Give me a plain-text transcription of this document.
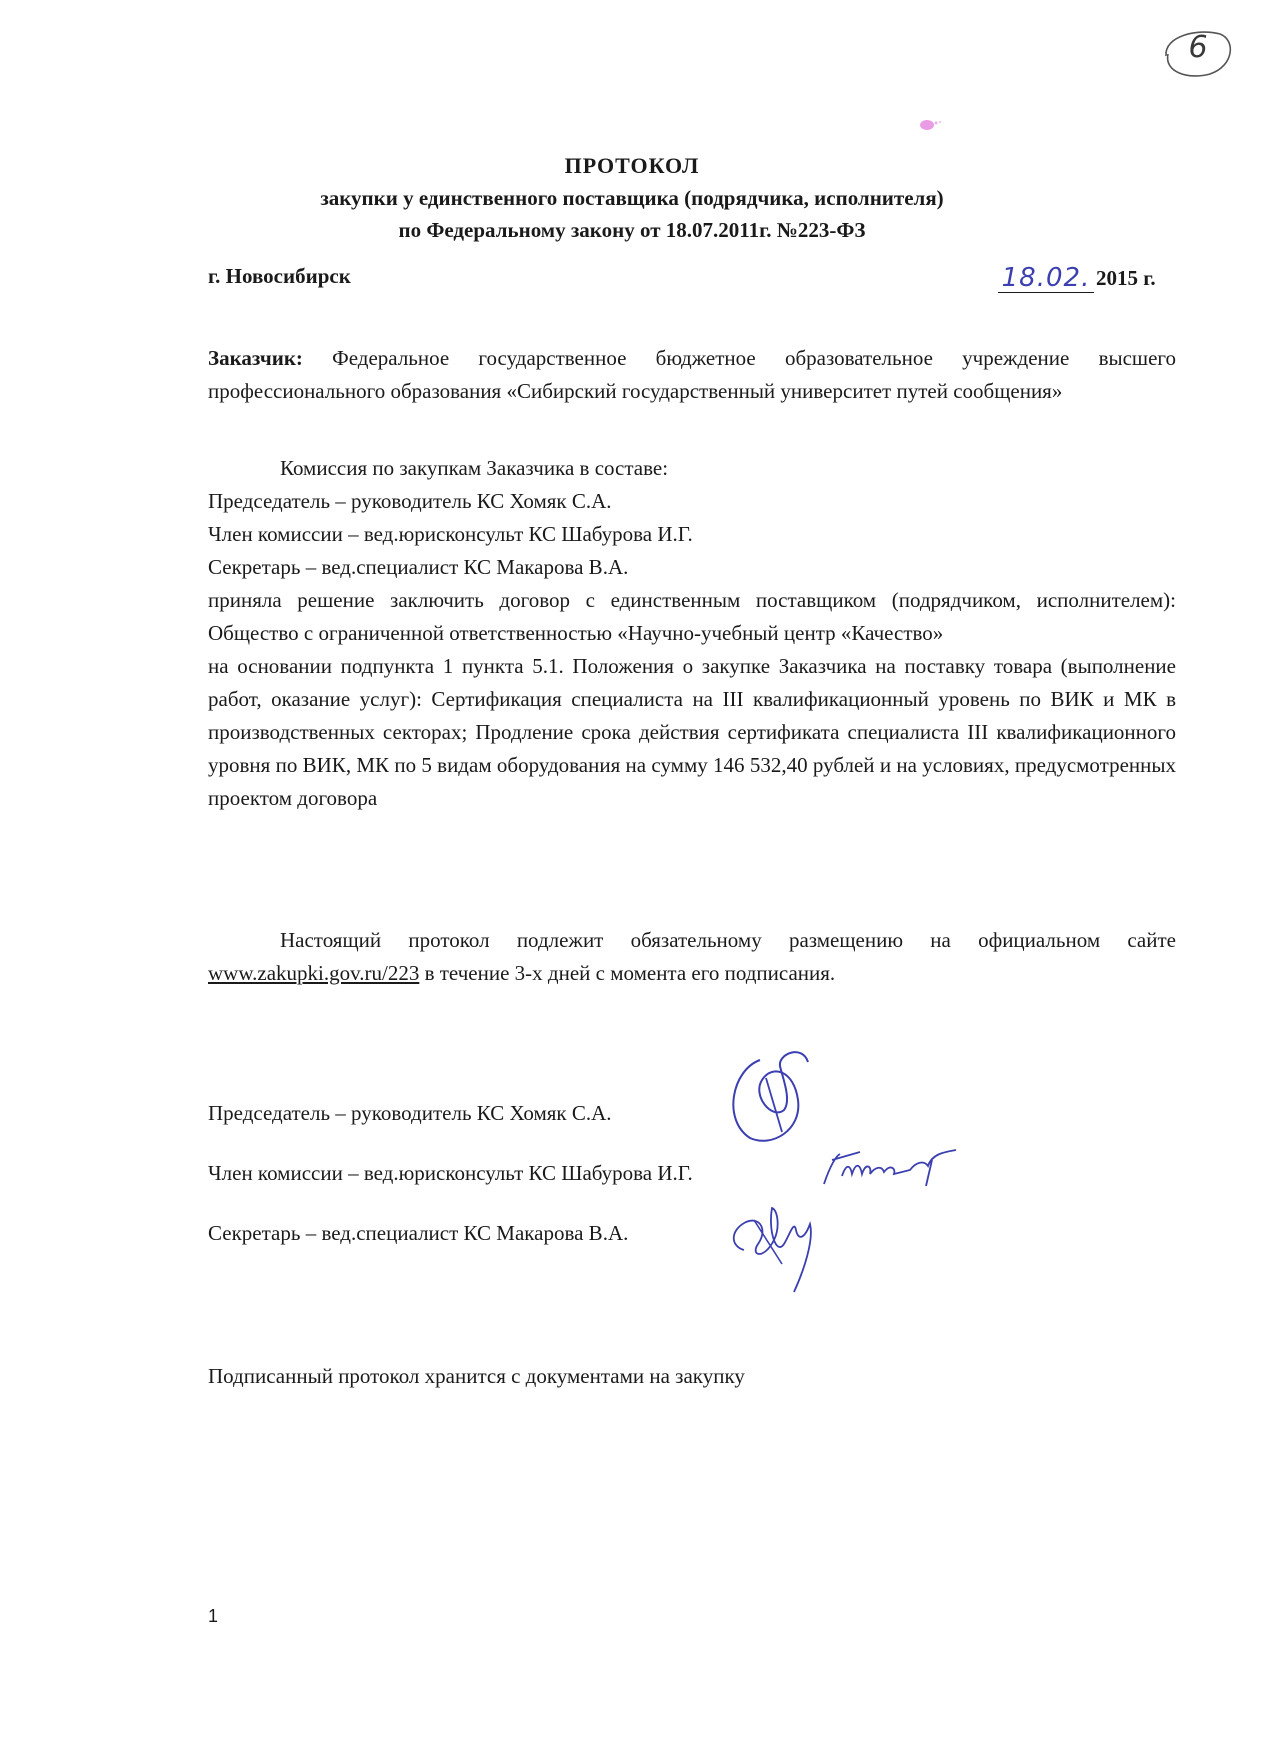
6
ПРОТОКОЛ
закупки у единственного поставщика (подрядчика, исполнителя)
по Федеральному закону от 18.07.2011г. №223-ФЗ
г. Новосибирск	18.02. 2015 г.
Заказчик: Федеральное государственное бюджетное образовательное учреждение высшего профессионального образования «Сибирский государственный университет путей сообщения»
Комиссия по закупкам Заказчика в составе:
Председатель – руководитель КС Хомяк С.А.
Член комиссии – вед.юрисконсульт КС Шабурова И.Г.
Секретарь – вед.специалист КС Макарова В.А.
приняла решение заключить договор с единственным поставщиком (подрядчиком, исполнителем): Общество с ограниченной ответственностью «Научно-учебный центр «Качество»
на основании подпункта 1 пункта 5.1. Положения о закупке Заказчика на поставку товара (выполнение работ, оказание услуг): Сертификация специалиста на III квалификационный уровень по ВИК и МК в производственных секторах; Продление срока действия сертификата специалиста III квалификационного уровня по ВИК, МК по 5 видам оборудования на сумму 146 532,40 рублей и на условиях, предусмотренных проектом договора
Настоящий протокол подлежит обязательному размещению на официальном сайте www.zakupki.gov.ru/223 в течение 3-х дней с момента его подписания.
Председатель – руководитель КС Хомяк С.А.
Член комиссии – вед.юрисконсульт КС Шабурова И.Г.
Секретарь – вед.специалист КС Макарова В.А.
Подписанный протокол хранится с документами на закупку
1
